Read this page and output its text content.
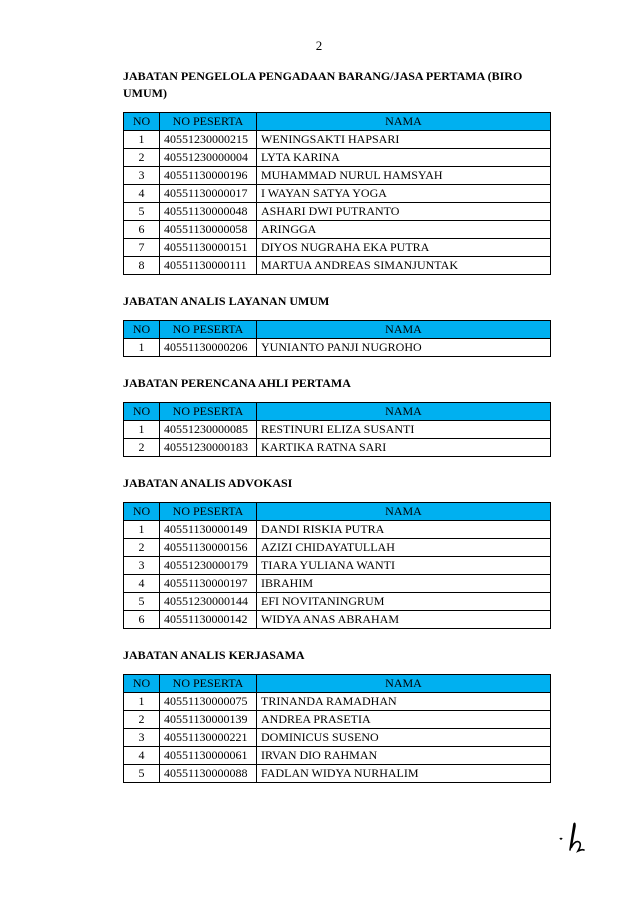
2

JABATAN PENGELOLA PENGADAAN BARANG/JASA PERTAMA (BIRO UMUM)

NO	NO PESERTA	NAMA
1	40551230000215	WENINGSAKTI HAPSARI
2	40551230000004	LYTA KARINA
3	40551130000196	MUHAMMAD NURUL HAMSYAH
4	40551130000017	I WAYAN SATYA YOGA
5	40551130000048	ASHARI DWI PUTRANTO
6	40551130000058	ARINGGA
7	40551130000151	DIYOS NUGRAHA EKA PUTRA
8	40551130000111	MARTUA ANDREAS SIMANJUNTAK

JABATAN ANALIS LAYANAN UMUM

NO	NO PESERTA	NAMA
1	40551130000206	YUNIANTO PANJI NUGROHO

JABATAN PERENCANA AHLI PERTAMA

NO	NO PESERTA	NAMA
1	40551230000085	RESTINURI ELIZA SUSANTI
2	40551230000183	KARTIKA RATNA SARI

JABATAN ANALIS ADVOKASI

NO	NO PESERTA	NAMA
1	40551130000149	DANDI RISKIA PUTRA
2	40551130000156	AZIZI CHIDAYATULLAH
3	40551230000179	TIARA YULIANA WANTI
4	40551130000197	IBRAHIM
5	40551230000144	EFI NOVITANINGRUM
6	40551130000142	WIDYA ANAS ABRAHAM

JABATAN ANALIS KERJASAMA

NO	NO PESERTA	NAMA
1	40551130000075	TRINANDA RAMADHAN
2	40551130000139	ANDREA PRASETIA
3	40551130000221	DOMINICUS SUSENO
4	40551130000061	IRVAN DIO RAHMAN
5	40551130000088	FADLAN WIDYA NURHALIM
